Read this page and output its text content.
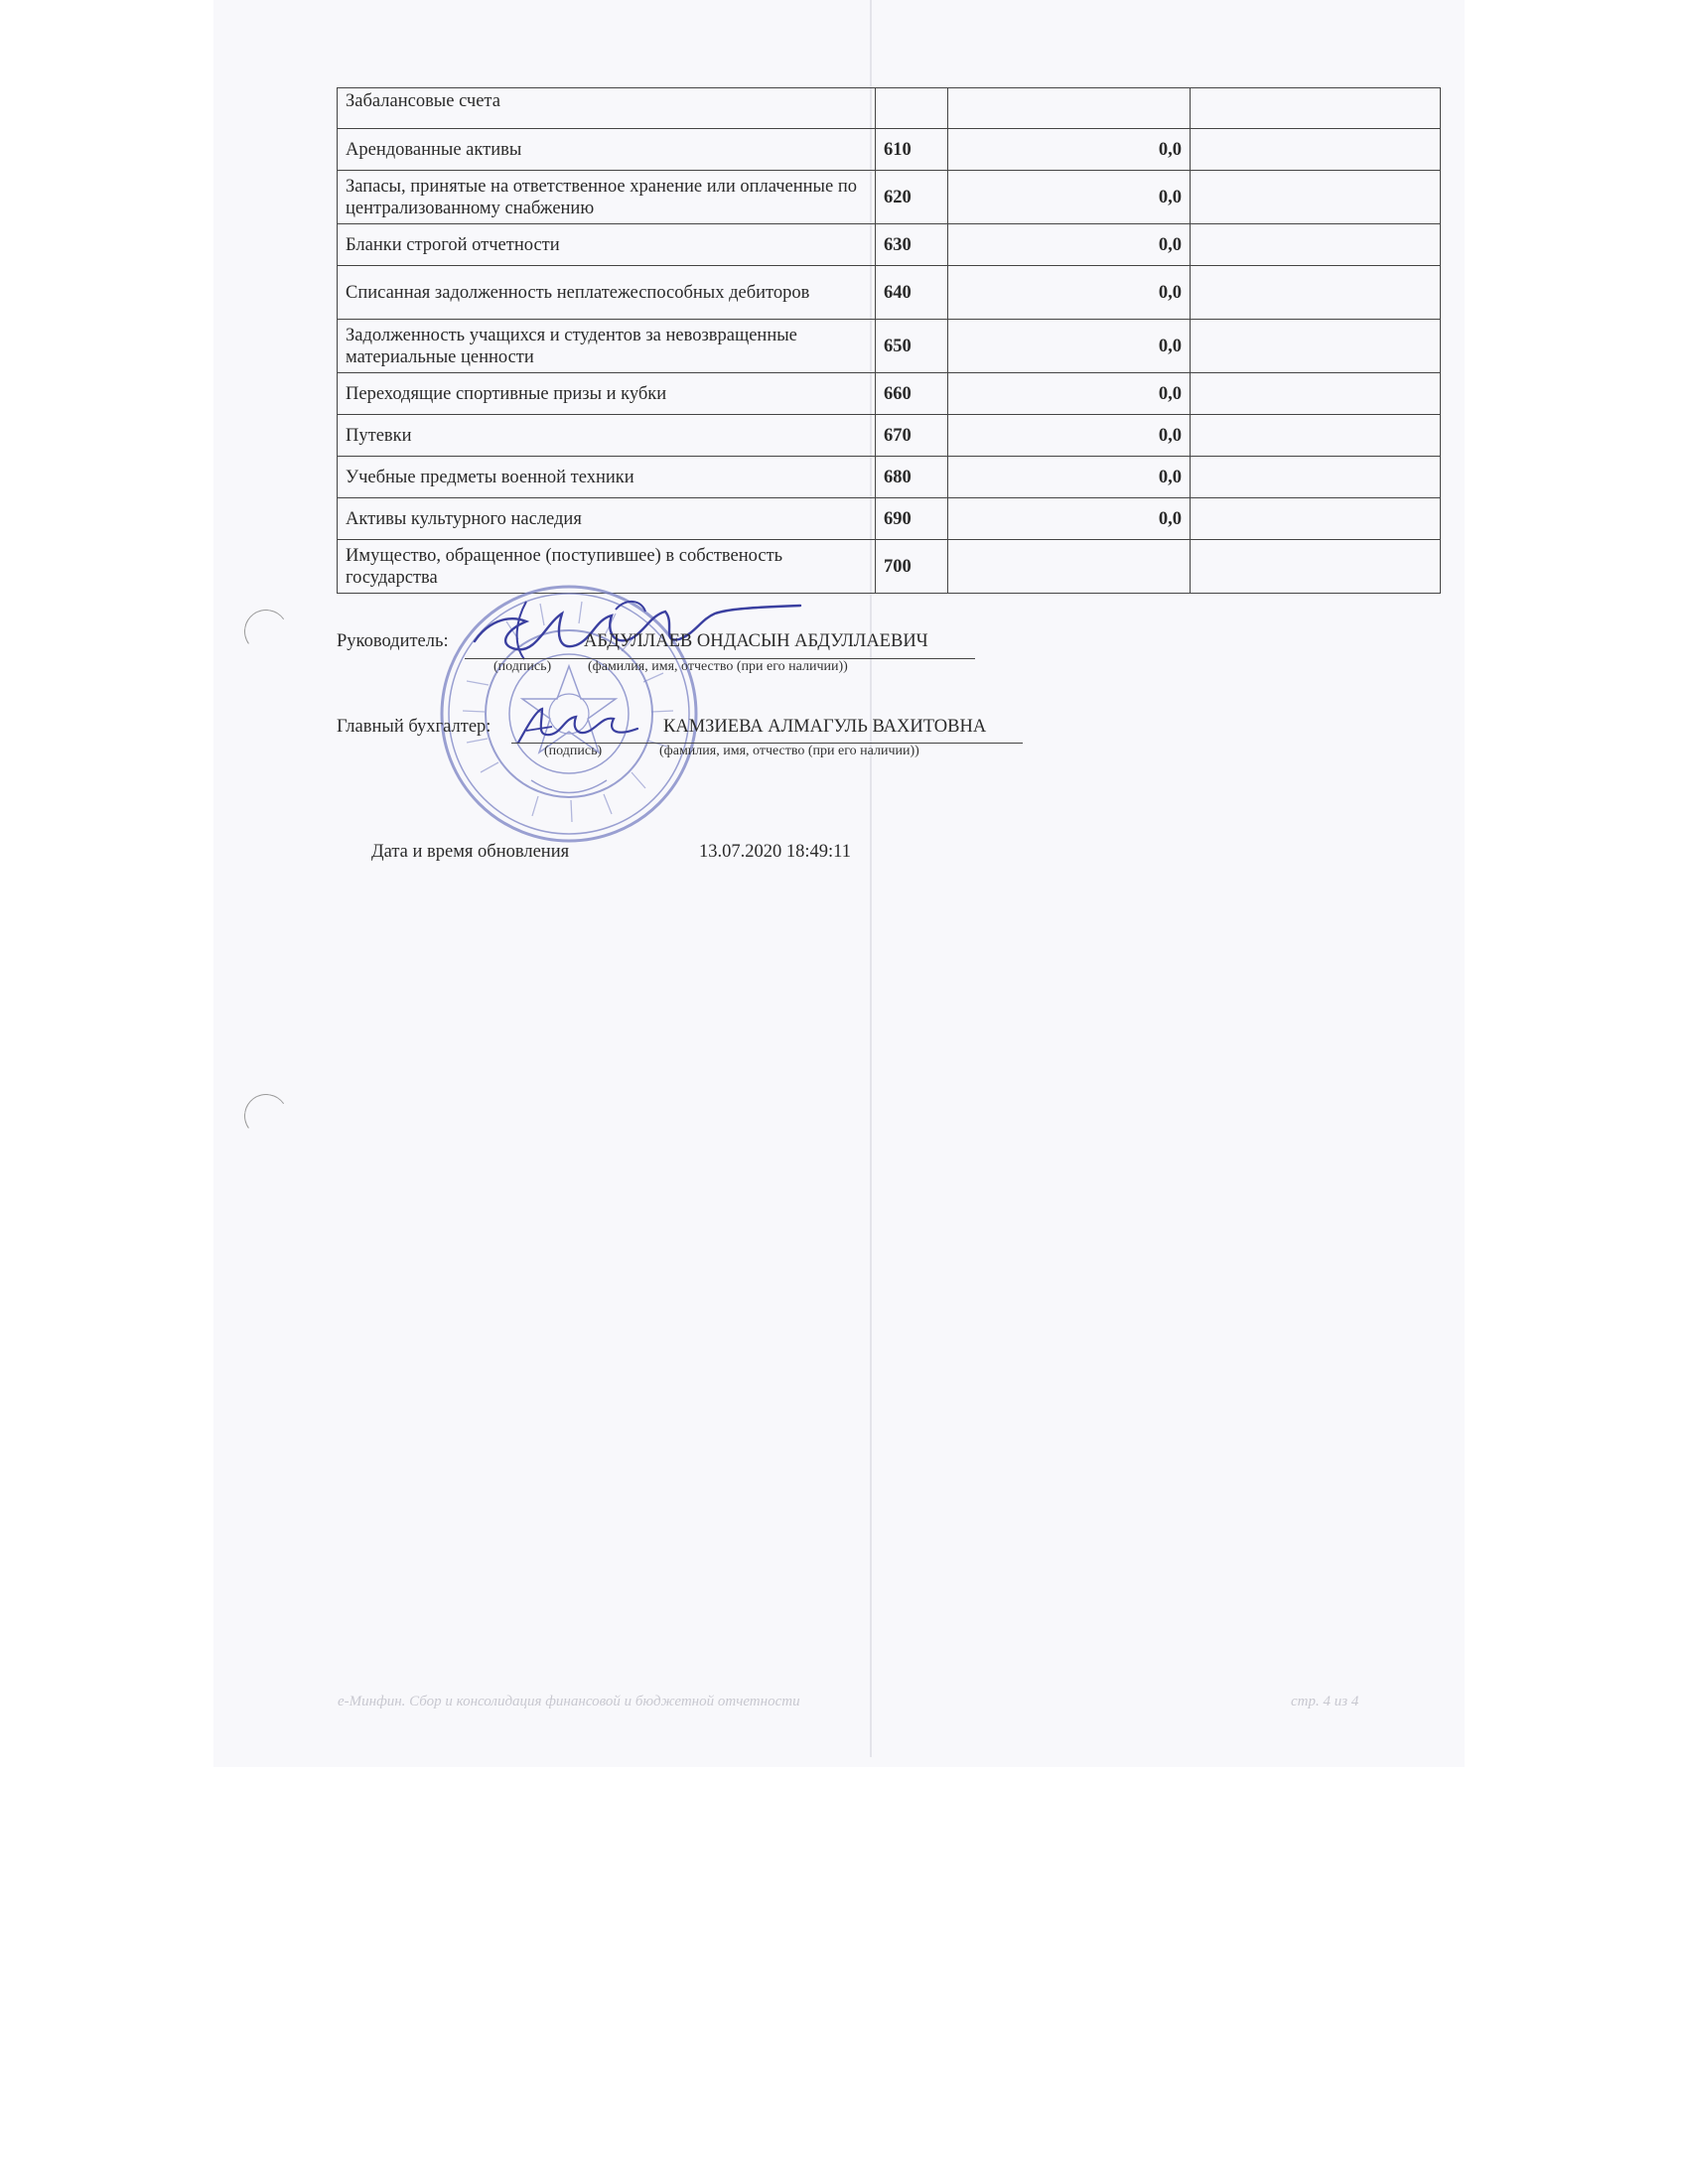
Забалансовые счета			
Арендованные активы	610	0,0	
Запасы, принятые на ответственное хранение или оплаченные по централизованному снабжению	620	0,0	
Бланки строгой отчетности	630	0,0	
Списанная задолженность неплатежеспособных дебиторов	640	0,0	
Задолженность учащихся и студентов за невозвращенные материальные ценности	650	0,0	
Переходящие спортивные призы и кубки	660	0,0	
Путевки	670	0,0	
Учебные предметы военной техники	680	0,0	
Активы культурного наследия	690	0,0	
Имущество, обращенное (поступившее) в собственость государства	700		
Руководитель:	АБДУЛЛАЕВ ОНДАСЫН АБДУЛЛАЕВИЧ
(подпись)	(фамилия, имя, отчество (при его наличии))
Главный бухгалтер:	КАМЗИЕВА АЛМАГУЛЬ ВАХИТОВНА
(подпись)	(фамилия, имя, отчество (при его наличии))
Дата и время обновления	13.07.2020 18:49:11
е-Минфин. Сбор и консолидация финансовой и бюджетной отчетности	стр. 4 из 4
